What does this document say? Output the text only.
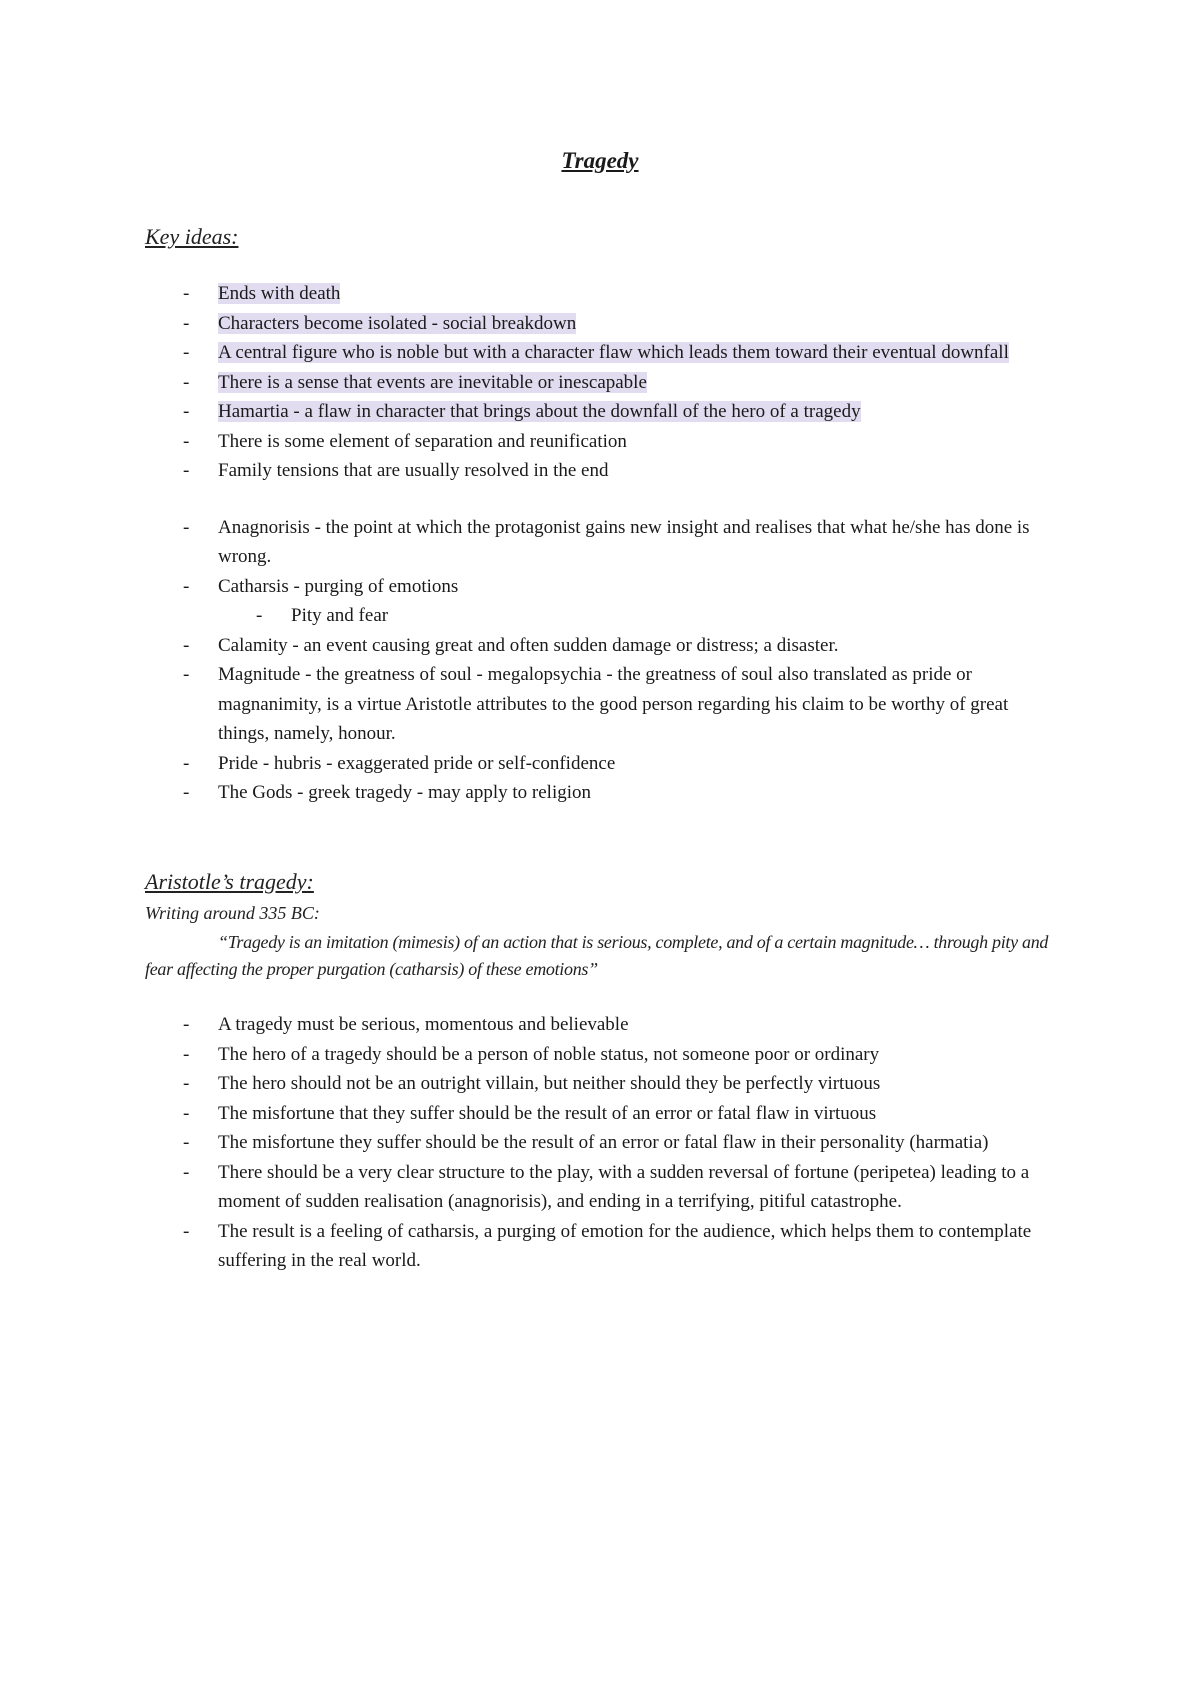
Tragedy
Key ideas:
- Ends with death
- Characters become isolated - social breakdown
- A central figure who is noble but with a character flaw which leads them toward their eventual downfall
- There is a sense that events are inevitable or inescapable
- Hamartia - a flaw in character that brings about the downfall of the hero of a tragedy
- There is some element of separation and reunification
- Family tensions that are usually resolved in the end
- Anagnorisis - the point at which the protagonist gains new insight and realises that what he/she has done is wrong.
- Catharsis - purging of emotions
- Pity and fear
- Calamity - an event causing great and often sudden damage or distress; a disaster.
- Magnitude - the greatness of soul - megalopsychia - the greatness of soul also translated as pride or magnanimity, is a virtue Aristotle attributes to the good person regarding his claim to be worthy of great things, namely, honour.
- Pride - hubris - exaggerated pride or self-confidence
- The Gods - greek tragedy - may apply to religion
Aristotle’s tragedy:
Writing around 335 BC:
“Tragedy is an imitation (mimesis) of an action that is serious, complete, and of a certain magnitude… through pity and fear affecting the proper purgation (catharsis) of these emotions”
- A tragedy must be serious, momentous and believable
- The hero of a tragedy should be a person of noble status, not someone poor or ordinary
- The hero should not be an outright villain, but neither should they be perfectly virtuous
- The misfortune that they suffer should be the result of an error or fatal flaw in virtuous
- The misfortune they suffer should be the result of an error or fatal flaw in their personality (harmatia)
- There should be a very clear structure to the play, with a sudden reversal of fortune (peripetea) leading to a moment of sudden realisation (anagnorisis), and ending in a terrifying, pitiful catastrophe.
- The result is a feeling of catharsis, a purging of emotion for the audience, which helps them to contemplate suffering in the real world.
